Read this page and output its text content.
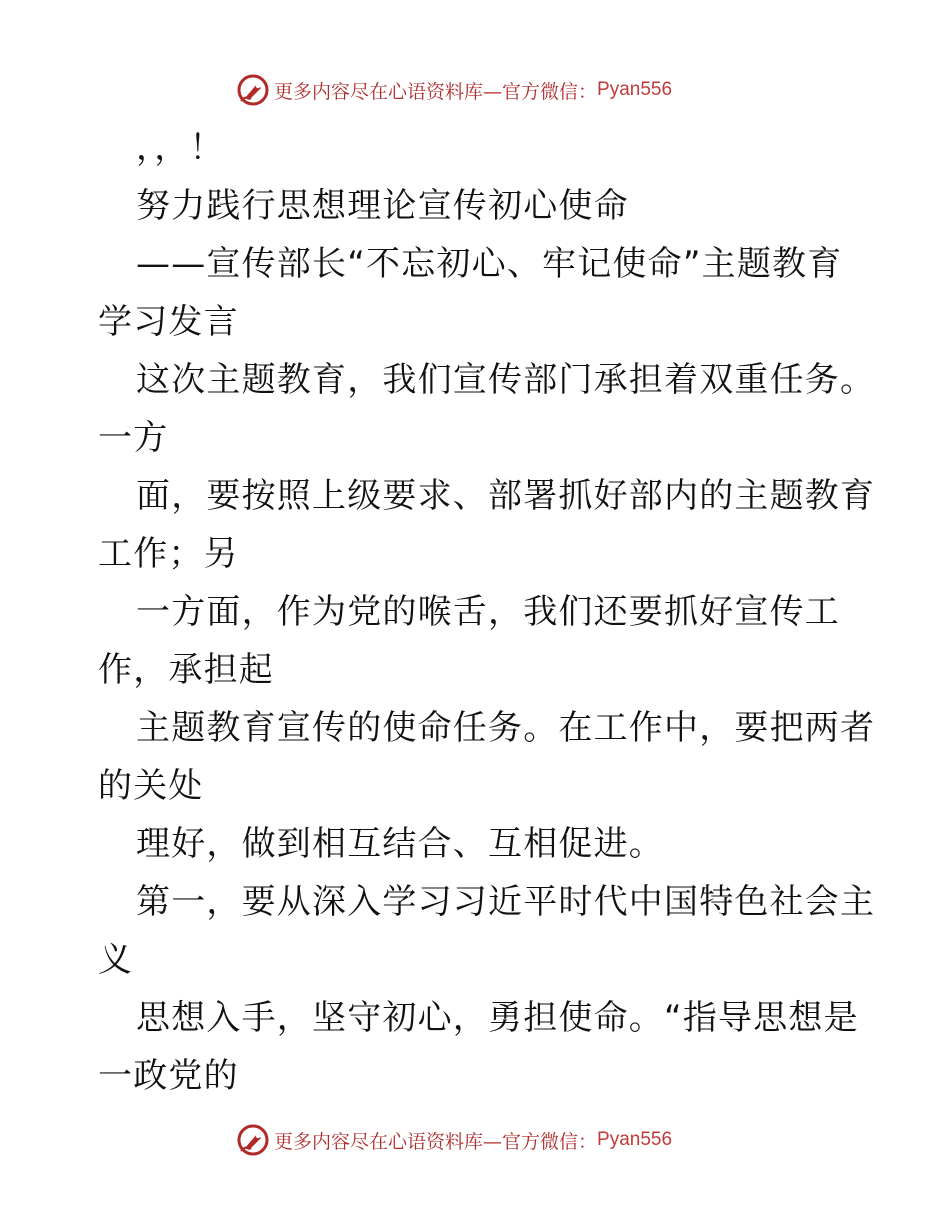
更多内容尽在心语资料库—官方微信： Pyan556
，，！
努力践行思想理论宣传初心使命
——宣传部长“不忘初心、牢记使命”主题教育
学习发言
这次主题教育，我们宣传部门承担着双重任务。
一方
面，要按照上级要求、部署抓好部内的主题教育
工作；另
一方面，作为党的喉舌，我们还要抓好宣传工
作，承担起
主题教育宣传的使命任务。在工作中，要把两者
的关处
理好，做到相互结合、互相促进。
第一，要从深入学习习近平时代中国特色社会主
义
思想入手，坚守初心，勇担使命。“指导思想是
一政党的
更多内容尽在心语资料库—官方微信： Pyan556
